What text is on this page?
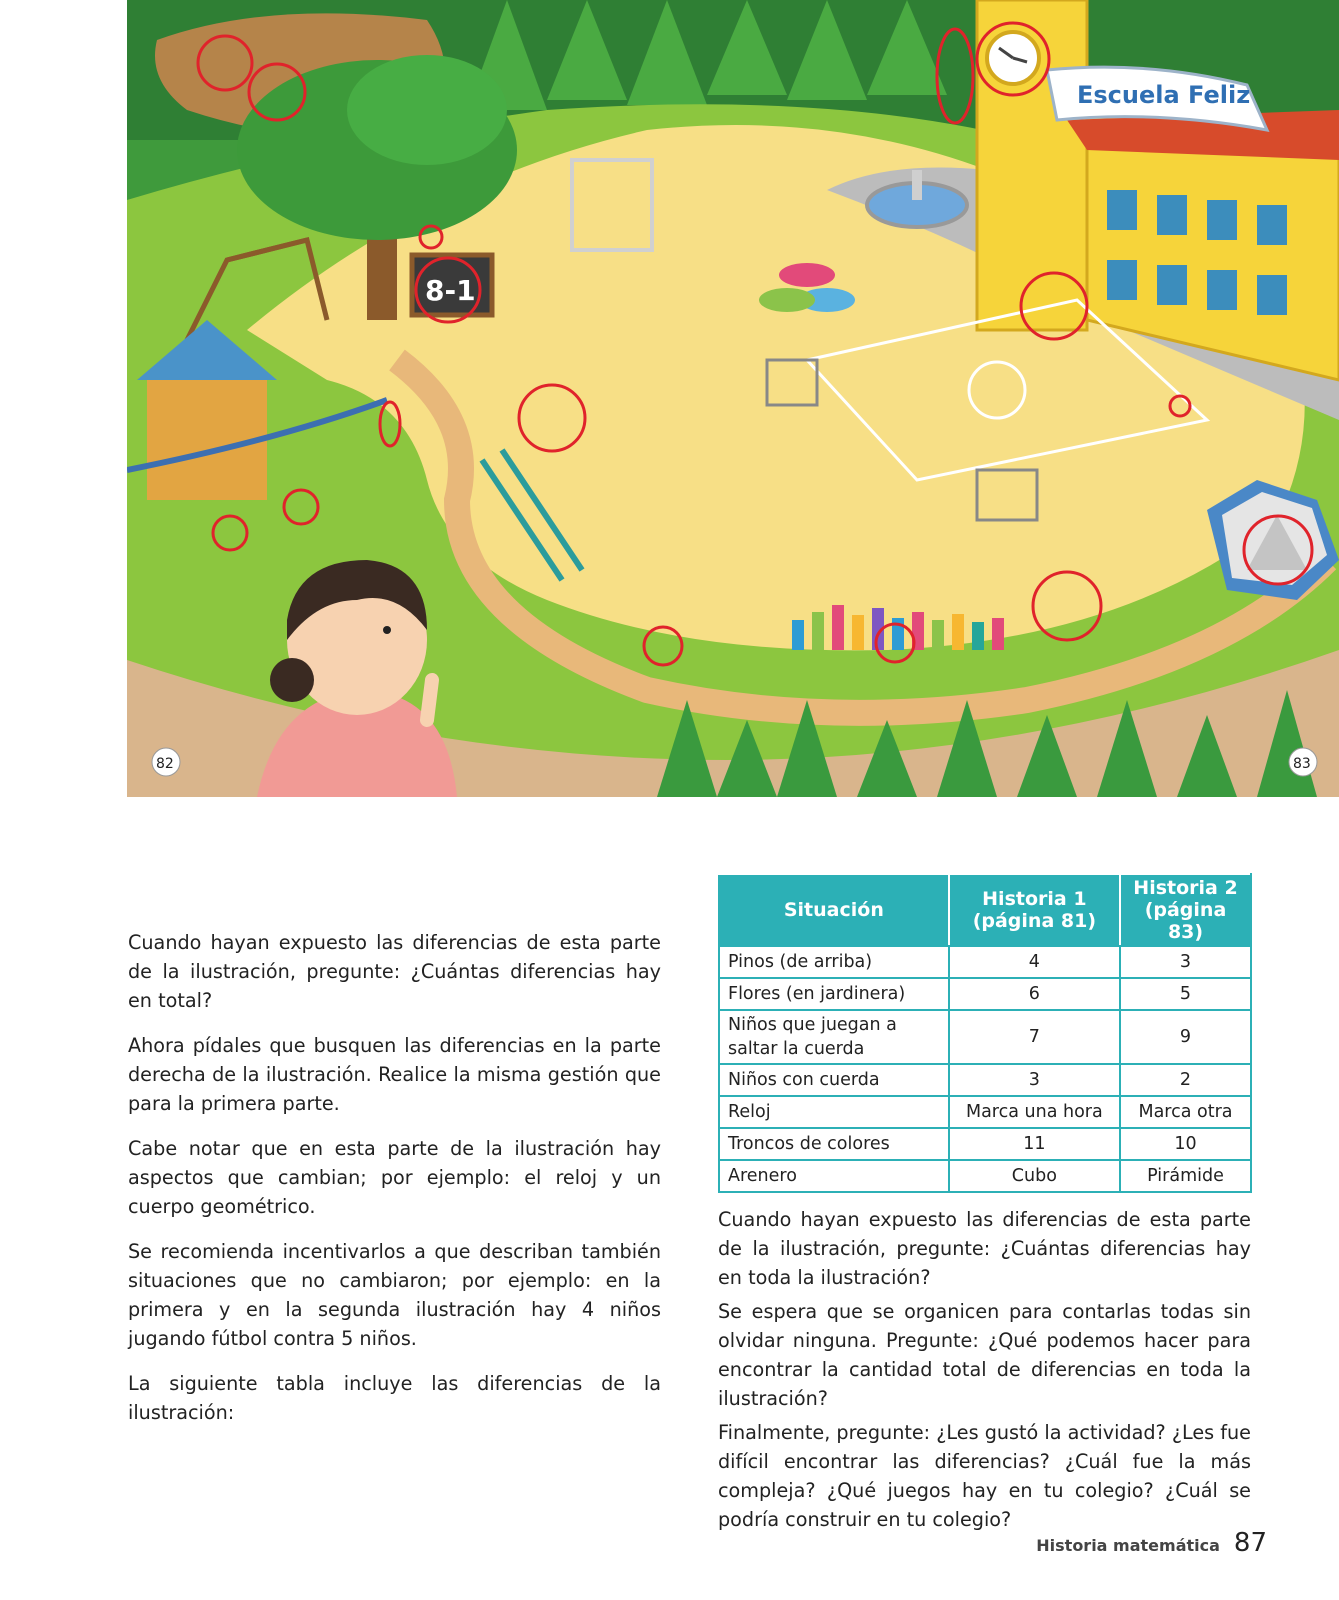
Escuela Feliz
8-1
82	83

Cuando hayan expuesto las diferencias de esta parte de la ilustración, pregunte: ¿Cuántas diferencias hay en total?

Ahora pídales que busquen las diferencias en la parte derecha de la ilustración. Realice la misma gestión que para la primera parte.

Cabe notar que en esta parte de la ilustración hay aspectos que cambian; por ejemplo: el reloj y un cuerpo geométrico.

Se recomienda incentivarlos a que describan también situaciones que no cambiaron; por ejemplo: en la primera y en la segunda ilustración hay 4 niños jugando fútbol contra 5 niños.

La siguiente tabla incluye las diferencias de la ilustración:

Situación	Historia 1 (página 81)	Historia 2 (página 83)
Pinos (de arriba)	4	3
Flores (en jardinera)	6	5
Niños que juegan a saltar la cuerda	7	9
Niños con cuerda	3	2
Reloj	Marca una hora	Marca otra
Troncos de colores	11	10
Arenero	Cubo	Pirámide

Cuando hayan expuesto las diferencias de esta parte de la ilustración, pregunte: ¿Cuántas diferencias hay en toda la ilustración?

Se espera que se organicen para contarlas todas sin olvidar ninguna. Pregunte: ¿Qué podemos hacer para encontrar la cantidad total de diferencias en toda la ilustración?

Finalmente, pregunte: ¿Les gustó la actividad? ¿Les fue difícil encontrar las diferencias? ¿Cuál fue la más compleja? ¿Qué juegos hay en tu colegio? ¿Cuál se podría construir en tu colegio?

Historia matemática 87
